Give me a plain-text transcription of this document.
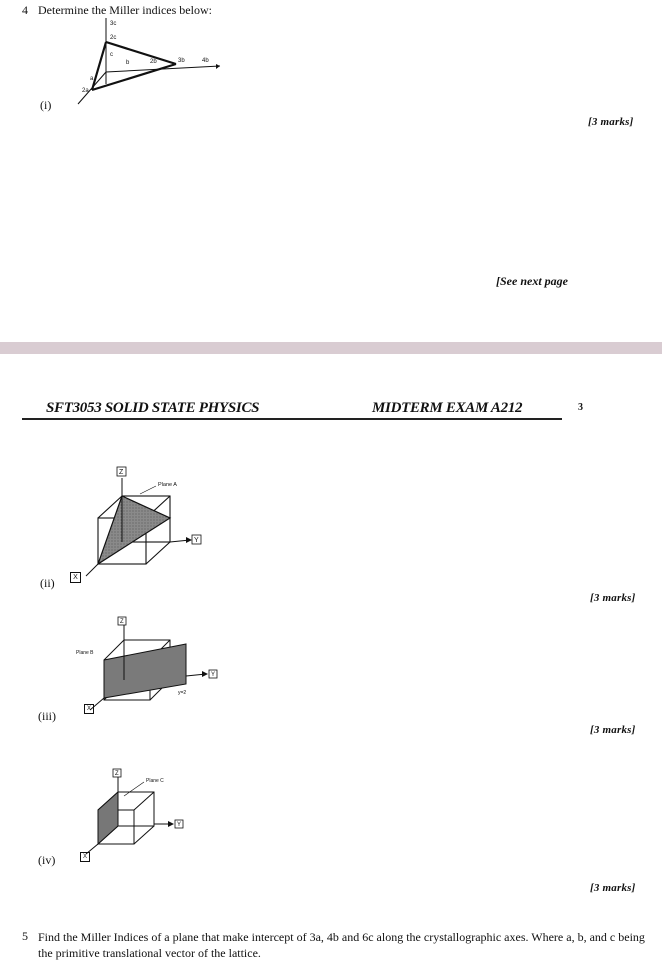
4 Determine the Miller indices below:
3c
2c
c
b	2b	3b	4b
a
2a
(i)
[3 marks]
[See next page
SFT3053 SOLID STATE PHYSICS	MIDTERM EXAM A212	3
Z
Y
Plane A
X
(ii)
[3 marks]
Z
Y
Plane B
y=2
X
(iii)
[3 marks]
Z
Y
Plane C
X
(iv)
[3 marks]
5 Find the Miller Indices of a plane that make intercept of 3a, 4b and 6c along the crystallographic axes. Where a, b, and c being the primitive translational vector of the lattice.
